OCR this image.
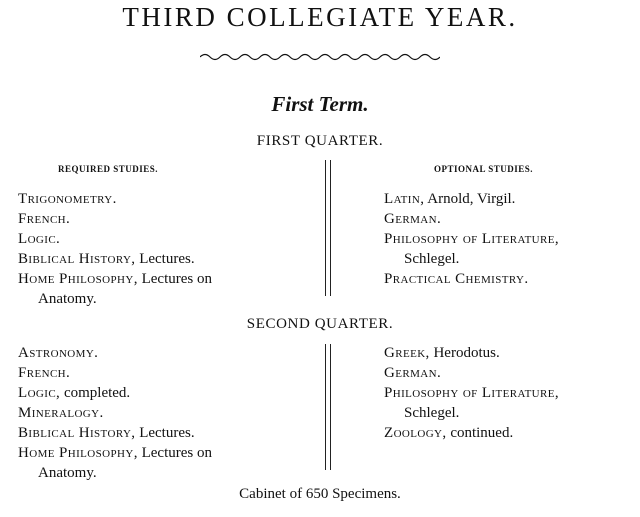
THIRD COLLEGIATE YEAR.
First Term.
FIRST QUARTER.
REQUIRED STUDIES.	OPTIONAL STUDIES.
Trigonometry.
French.
Logic.
Biblical History, Lectures.
Home Philosophy, Lectures on
Anatomy.
Latin, Arnold, Virgil.
German.
Philosophy of Literature,
Schlegel.
Practical Chemistry.
SECOND QUARTER.
Astronomy.
French.
Logic, completed.
Mineralogy.
Biblical History, Lectures.
Home Philosophy, Lectures on
Anatomy.
Greek, Herodotus.
German.
Philosophy of Literature,
Schlegel.
Zoology, continued.
Cabinet of 650 Specimens.
